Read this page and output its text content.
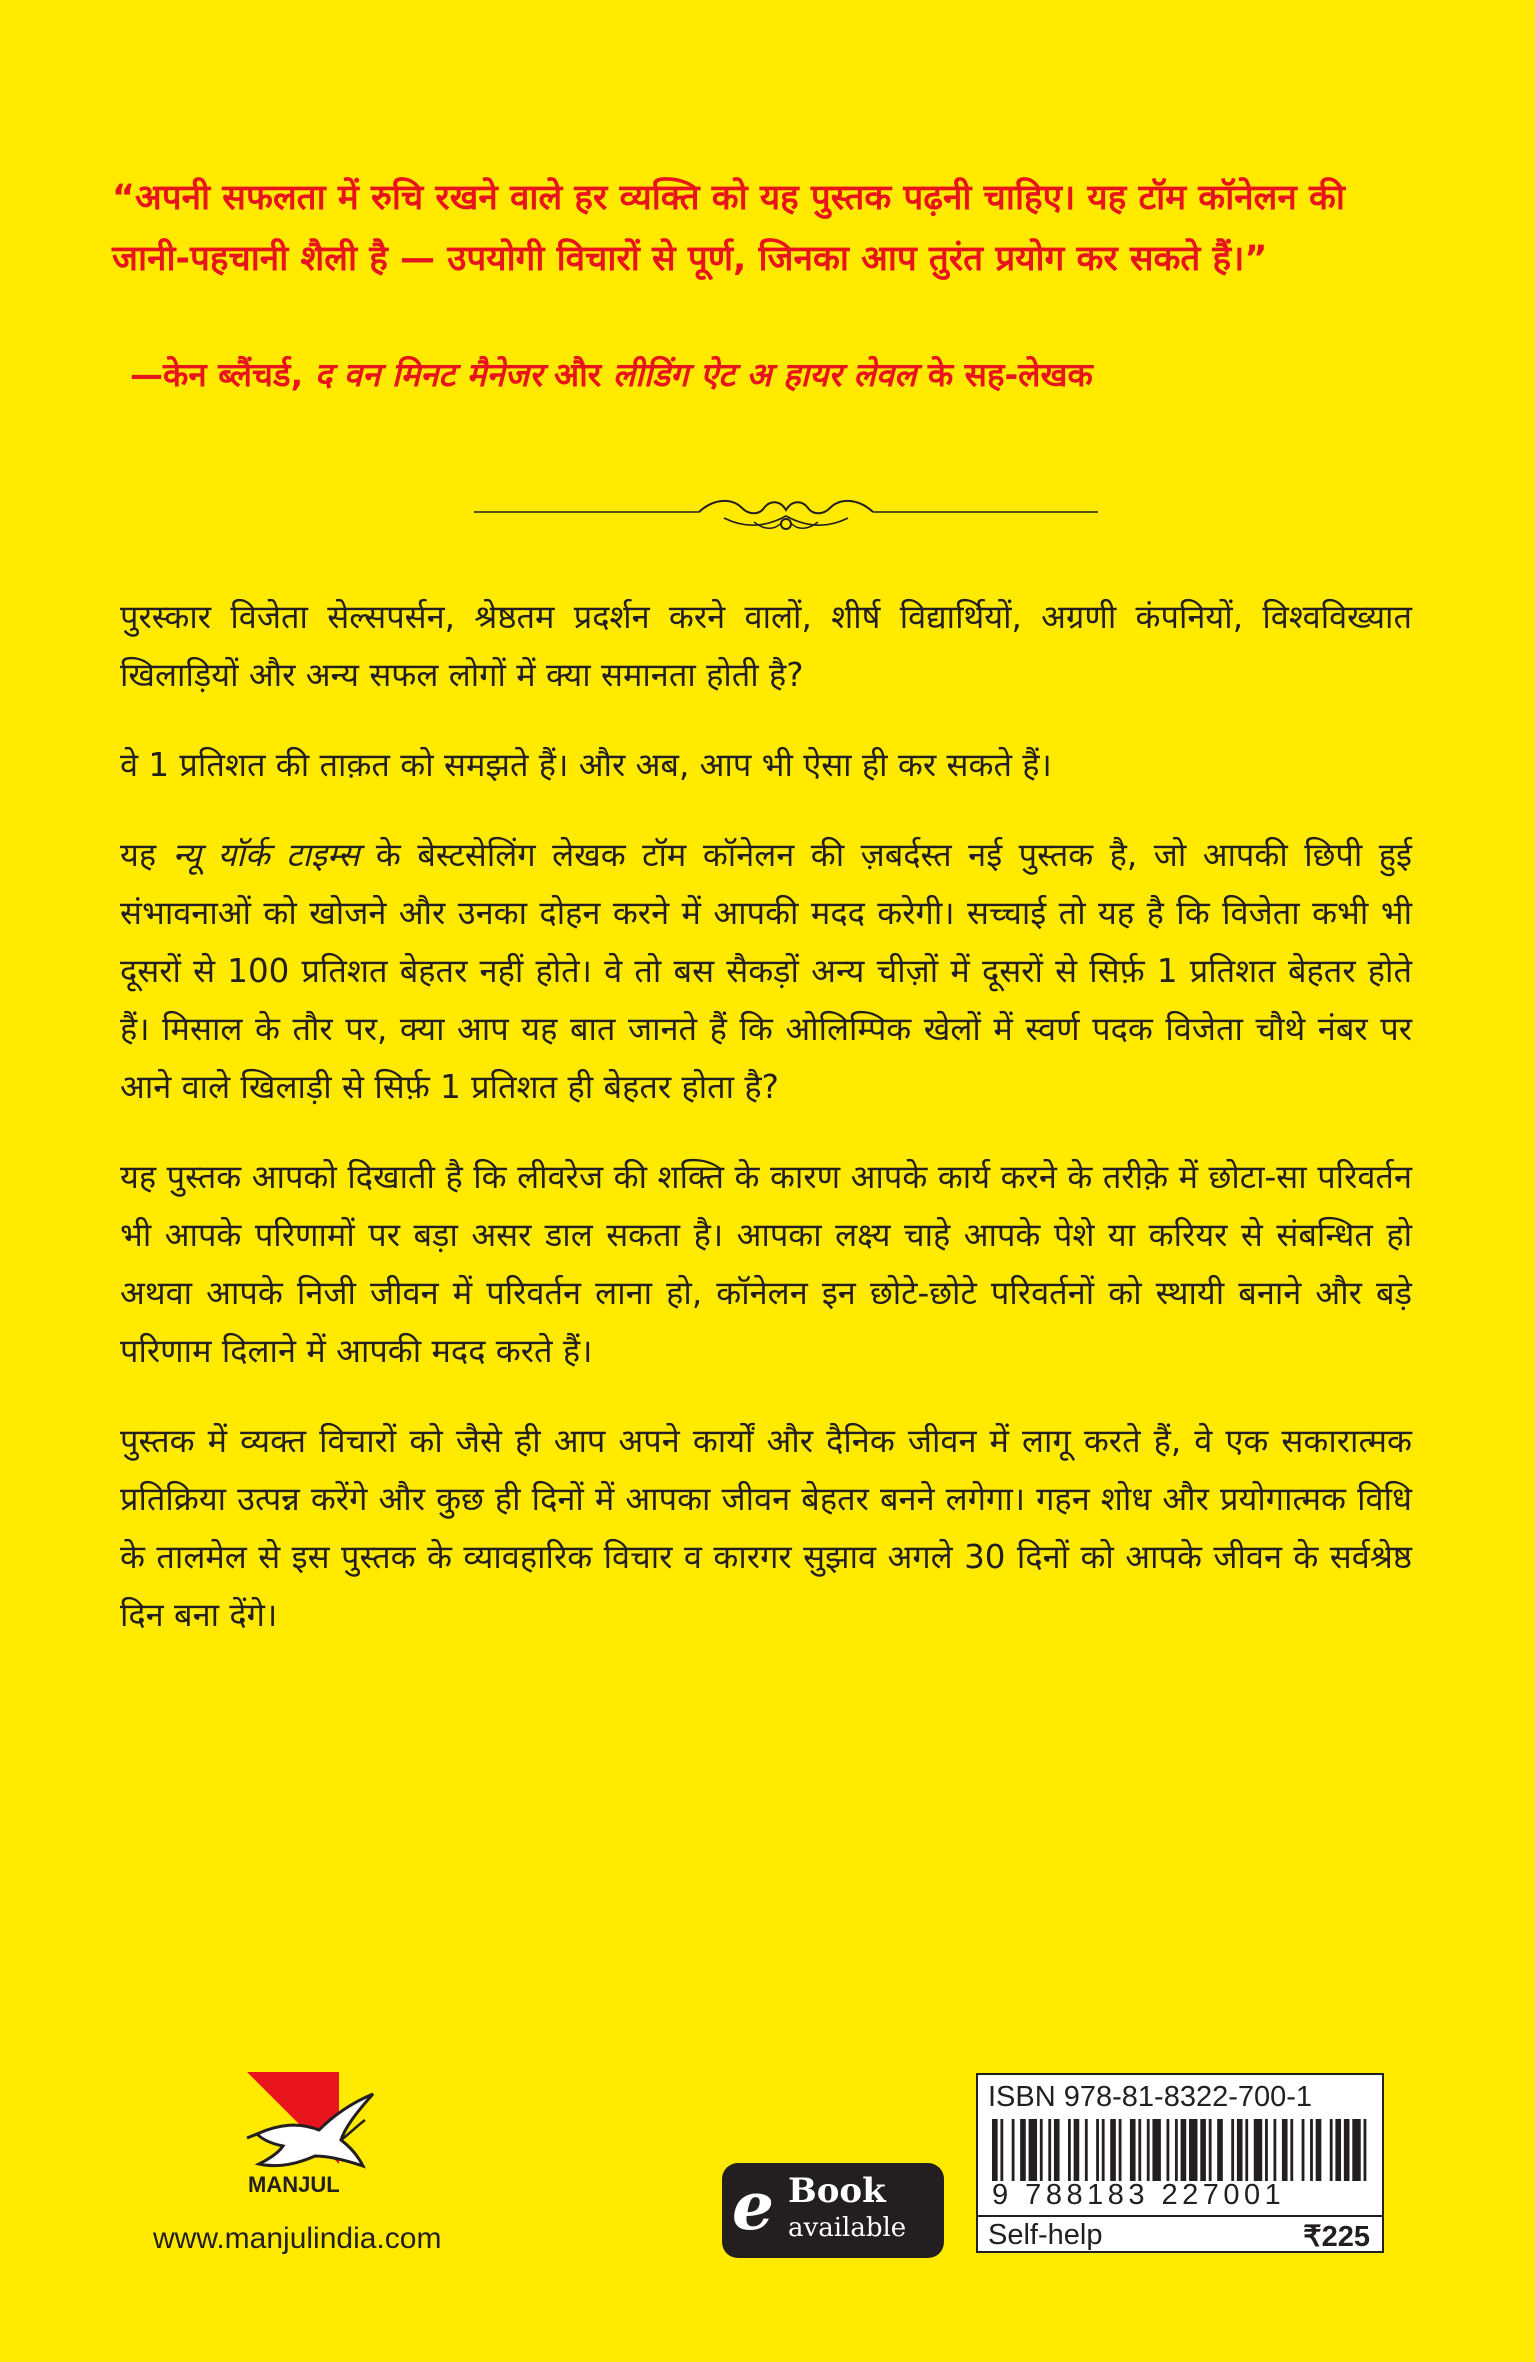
“अपनी सफलता में रुचि रखने वाले हर व्यक्ति को यह पुस्तक पढ़नी चाहिए। यह टॉम कॉनेलन की जानी-पहचानी शैली है — उपयोगी विचारों से पूर्ण, जिनका आप तुरंत प्रयोग कर सकते हैं।”

—केन ब्लैंचर्ड, द वन मिनट मैनेजर और लीडिंग ऐट अ हायर लेवल के सह-लेखक

पुरस्कार विजेता सेल्सपर्सन, श्रेष्ठतम प्रदर्शन करने वालों, शीर्ष विद्यार्थियों, अग्रणी कंपनियों, विश्वविख्यात खिलाड़ियों और अन्य सफल लोगों में क्या समानता होती है?

वे 1 प्रतिशत की ताक़त को समझते हैं। और अब, आप भी ऐसा ही कर सकते हैं।

यह न्यू यॉर्क टाइम्स के बेस्टसेलिंग लेखक टॉम कॉनेलन की ज़बर्दस्त नई पुस्तक है, जो आपकी छिपी हुई संभावनाओं को खोजने और उनका दोहन करने में आपकी मदद करेगी। सच्चाई तो यह है कि विजेता कभी भी दूसरों से 100 प्रतिशत बेहतर नहीं होते। वे तो बस सैकड़ों अन्य चीज़ों में दूसरों से सिर्फ़ 1 प्रतिशत बेहतर होते हैं। मिसाल के तौर पर, क्या आप यह बात जानते हैं कि ओलिम्पिक खेलों में स्वर्ण पदक विजेता चौथे नंबर पर आने वाले खिलाड़ी से सिर्फ़ 1 प्रतिशत ही बेहतर होता है?

यह पुस्तक आपको दिखाती है कि लीवरेज की शक्ति के कारण आपके कार्य करने के तरीक़े में छोटा-सा परिवर्तन भी आपके परिणामों पर बड़ा असर डाल सकता है। आपका लक्ष्य चाहे आपके पेशे या करियर से संबन्धित हो अथवा आपके निजी जीवन में परिवर्तन लाना हो, कॉनेलन इन छोटे-छोटे परिवर्तनों को स्थायी बनाने और बड़े परिणाम दिलाने में आपकी मदद करते हैं।

पुस्तक में व्यक्त विचारों को जैसे ही आप अपने कार्यों और दैनिक जीवन में लागू करते हैं, वे एक सकारात्मक प्रतिक्रिया उत्पन्न करेंगे और कुछ ही दिनों में आपका जीवन बेहतर बनने लगेगा। गहन शोध और प्रयोगात्मक विधि के तालमेल से इस पुस्तक के व्यावहारिक विचार व कारगर सुझाव अगले 30 दिनों को आपके जीवन के सर्वश्रेष्ठ दिन बना देंगे।

MANJUL
www.manjulindia.com	e Book
available
ISBN 978-81-8322-700-1
9 788183 227001
Self-help	₹225
